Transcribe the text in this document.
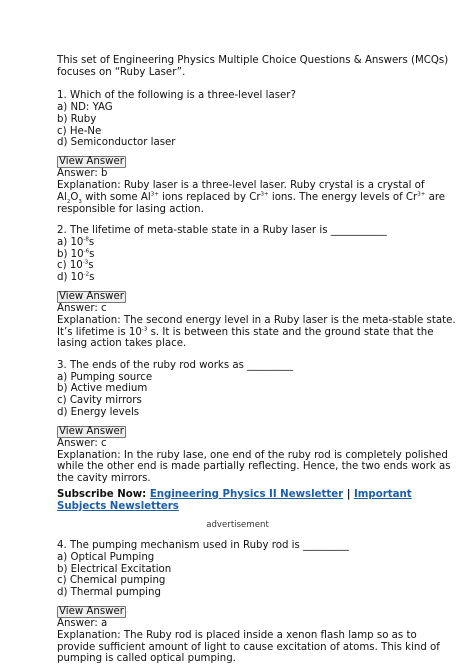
This set of Engineering Physics Multiple Choice Questions & Answers (MCQs)
focuses on “Ruby Laser”.
1. Which of the following is a three-level laser?
a) ND: YAG
b) Ruby
c) He-Ne
d) Semiconductor laser
View Answer
Answer: b
Explanation: Ruby laser is a three-level laser. Ruby crystal is a crystal of
$Al_2O_3$ with some $Al^{3+}$ ions replaced by $Cr^{3+}$ ions. The energy levels of $Cr^{3+}$ are
responsible for lasing action.
2. The lifetime of meta-stable state in a Ruby laser is ___________
a) $10^{-8}s$
b) $10^{-6}s$
c) $10^{-3}s$
d) $10^{-2}s$
View Answer
Answer: c
Explanation: The second energy level in a Ruby laser is the meta-stable state.
It’s lifetime is $10^{-3}$ s. It is between this state and the ground state that the
lasing action takes place.
3. The ends of the ruby rod works as _________
a) Pumping source
b) Active medium
c) Cavity mirrors
d) Energy levels
View Answer
Answer: c
Explanation: In the ruby lase, one end of the ruby rod is completely polished
while the other end is made partially reflecting. Hence, the two ends work as
the cavity mirrors.
Subscribe Now: Engineering Physics II Newsletter | Important
Subjects Newsletters
advertisement
4. The pumping mechanism used in Ruby rod is _________
a) Optical Pumping
b) Electrical Excitation
c) Chemical pumping
d) Thermal pumping
View Answer
Answer: a
Explanation: The Ruby rod is placed inside a xenon flash lamp so as to
provide sufficient amount of light to cause excitation of atoms. This kind of
pumping is called optical pumping.
